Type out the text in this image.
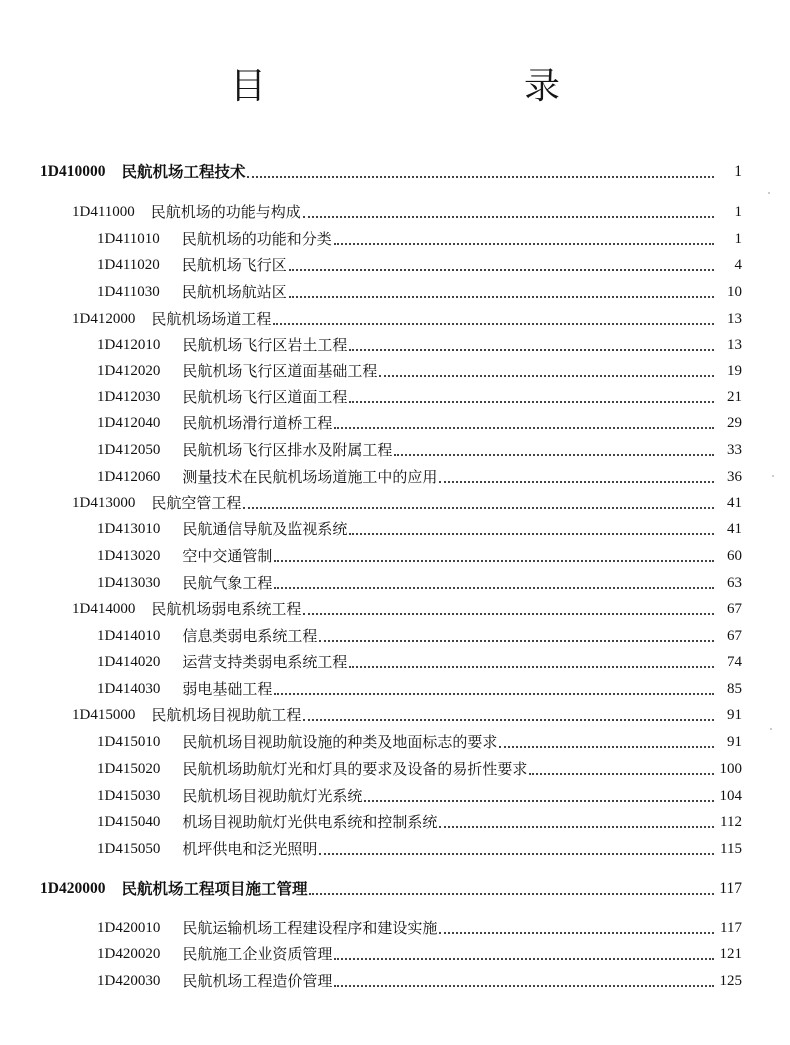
目　　录
1D410000 民航机场工程技术	1
1D411000 民航机场的功能与构成	1
1D411010 民航机场的功能和分类	1
1D411020 民航机场飞行区	4
1D411030 民航机场航站区	10
1D412000 民航机场场道工程	13
1D412010 民航机场飞行区岩土工程	13
1D412020 民航机场飞行区道面基础工程	19
1D412030 民航机场飞行区道面工程	21
1D412040 民航机场滑行道桥工程	29
1D412050 民航机场飞行区排水及附属工程	33
1D412060 测量技术在民航机场场道施工中的应用	36
1D413000 民航空管工程	41
1D413010 民航通信导航及监视系统	41
1D413020 空中交通管制	60
1D413030 民航气象工程	63
1D414000 民航机场弱电系统工程	67
1D414010 信息类弱电系统工程	67
1D414020 运营支持类弱电系统工程	74
1D414030 弱电基础工程	85
1D415000 民航机场目视助航工程	91
1D415010 民航机场目视助航设施的种类及地面标志的要求	91
1D415020 民航机场助航灯光和灯具的要求及设备的易折性要求	100
1D415030 民航机场目视助航灯光系统	104
1D415040 机场目视助航灯光供电系统和控制系统	112
1D415050 机坪供电和泛光照明	115
1D420000 民航机场工程项目施工管理	117
1D420010 民航运输机场工程建设程序和建设实施	117
1D420020 民航施工企业资质管理	121
1D420030 民航机场工程造价管理	125
